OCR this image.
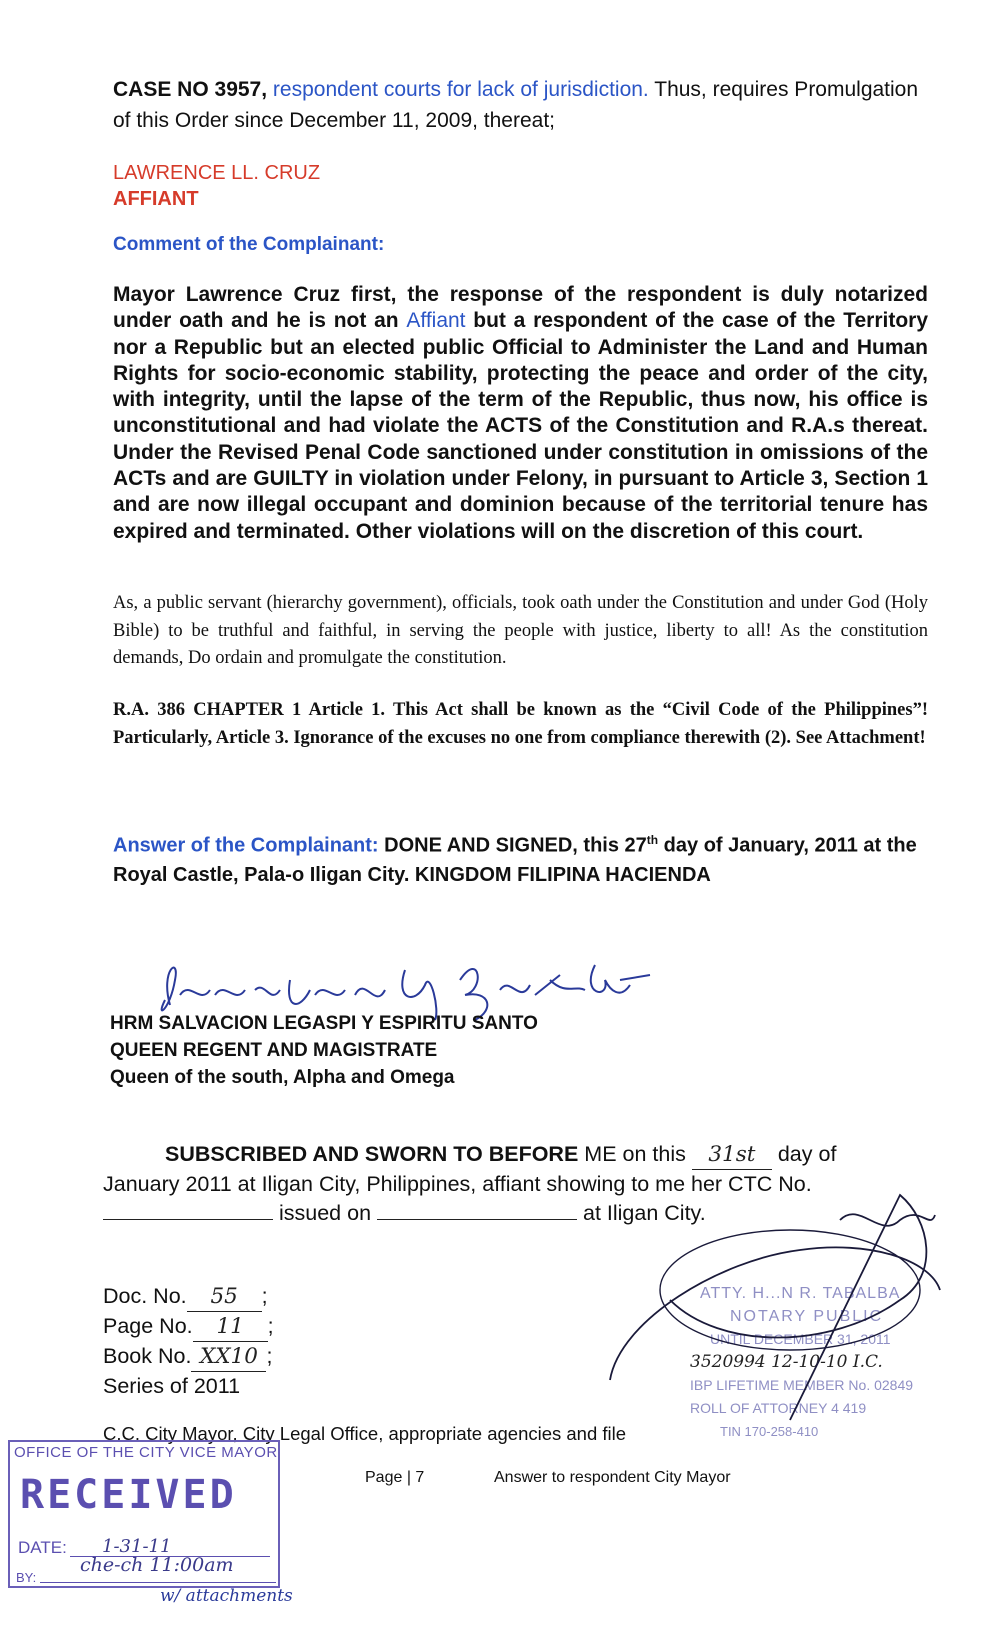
CASE NO 3957, respondent courts for lack of jurisdiction. Thus, requires Promulgation of this Order since December 11, 2009, thereat;
LAWRENCE LL. CRUZ
AFFIANT
Comment of the Complainant:
Mayor Lawrence Cruz first, the response of the respondent is duly notarized under oath and he is not an Affiant but a respondent of the case of the Territory nor a Republic but an elected public Official to Administer the Land and Human Rights for socio-economic stability, protecting the peace and order of the city, with integrity, until the lapse of the term of the Republic, thus now, his office is unconstitutional and had violate the ACTS of the Constitution and R.A.s thereat. Under the Revised Penal Code sanctioned under constitution in omissions of the ACTs and are GUILTY in violation under Felony, in pursuant to Article 3, Section 1 and are now illegal occupant and dominion because of the territorial tenure has expired and terminated. Other violations will on the discretion of this court.
As, a public servant (hierarchy government), officials, took oath under the Constitution and under God (Holy Bible) to be truthful and faithful, in serving the people with justice, liberty to all! As the constitution demands, Do ordain and promulgate the constitution.
R.A. 386 CHAPTER 1 Article 1. This Act shall be known as the “Civil Code of the Philippines”! Particularly, Article 3. Ignorance of the excuses no one from compliance therewith (2). See Attachment!
Answer of the Complainant: DONE AND SIGNED, this 27th day of January, 2011 at the Royal Castle, Pala-o Iligan City. KINGDOM FILIPINA HACIENDA
HRM SALVACION LEGASPI Y ESPIRITU SANTO
QUEEN REGENT AND MAGISTRATE
Queen of the south, Alpha and Omega
SUBSCRIBED AND SWORN TO BEFORE ME on this 31st day of
January 2011 at Iligan City, Philippines, affiant showing to me her CTC No.
issued on	at Iligan City.
Doc. No. 55 ;
Page No. 11 ;
Book No. XX10 ;
Series of 2011
ATTY. H...N R. TABALBA
NOTARY PUBLIC
UNTIL DECEMBER 31, 2011
3520994 12-10-10 I.C.
IBP LIFETIME MEMBER No. 02849
ROLL OF ATTORNEY 4 419
TIN 170-258-410
C.C. City Mayor, City Legal Office, appropriate agencies and file
OFFICE OF THE CITY VICE MAYOR
RECEIVED
DATE: 1-31-11
BY:
che-ch 11:00am
w/ attachments
Page | 7	Answer to respondent City Mayor
